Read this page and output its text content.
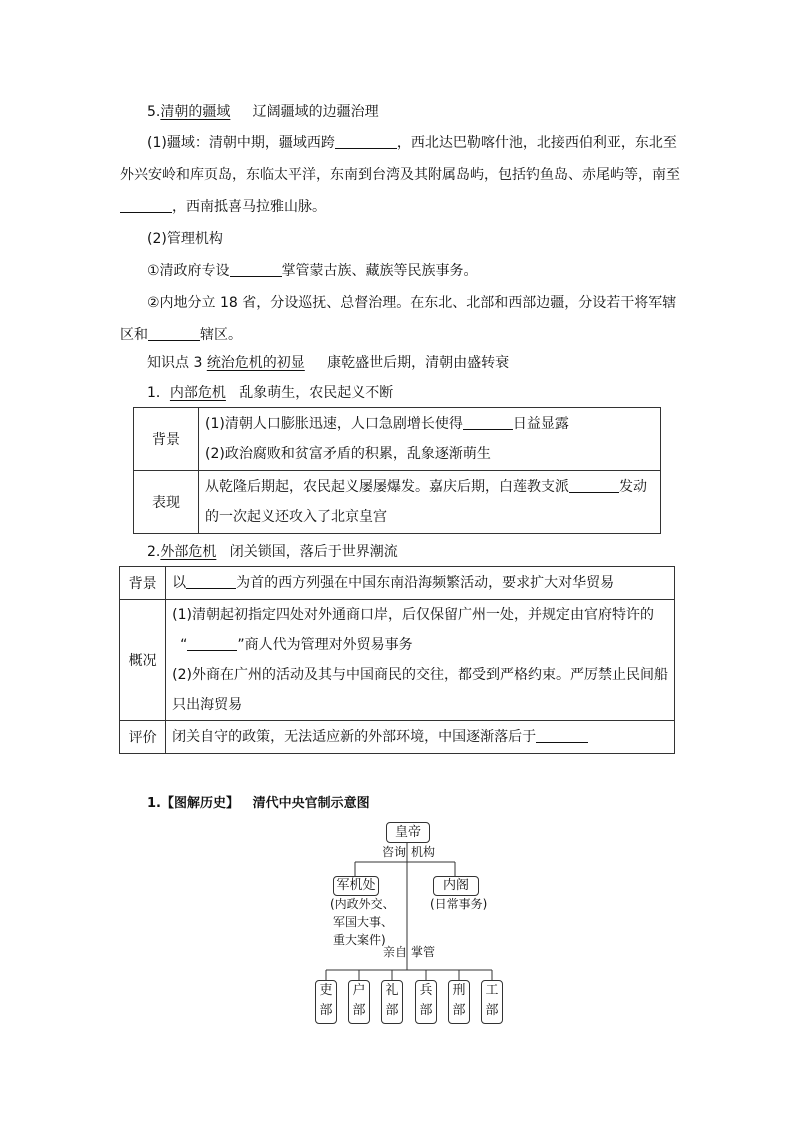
5.清朝的疆域 辽阔疆域的边疆治理
(1)疆域：清朝中期，疆域西跨	，西北达巴勒喀什池，北接西伯利亚，东北至
外兴安岭和库页岛，东临太平洋，东南到台湾及其附属岛屿，包括钓鱼岛、赤尾屿等，南至
，西南抵喜马拉雅山脉。
(2)管理机构
①清政府专设	掌管蒙古族、藏族等民族事务。
②内地分立 18 省，分设巡抚、总督治理。在东北、北部和西部边疆，分设若干将军辖
区和	辖区。
知识点 3 统治危机的初显 康乾盛世后期，清朝由盛转衰
1．内部危机 乱象萌生，农民起义不断
背景	(1)清朝人口膨胀迅速，人口急剧增长使得 日益显露
(2)政治腐败和贫富矛盾的积累，乱象逐渐萌生

表现	从乾隆后期起，农民起义屡屡爆发。嘉庆后期，白莲教支派 发动
的一次起义还攻入了北京皇宫
2.外部危机 闭关锁国，落后于世界潮流
背景	以 为首的西方列强在中国东南沿海频繁活动，要求扩大对华贸易

概况	(1)清朝起初指定四处对外通商口岸，后仅保留广州一处，并规定由官府特许的
“ ”商人代为管理对外贸易事务
(2)外商在广州的活动及其与中国商民的交往，都受到严格约束。严厉禁止民间船
只出海贸易

评价	闭关自守的政策，无法适应新的外部环境，中国逐渐落后于
1.【图解历史】 清代中央官制示意图
皇帝
咨询 机构
军机处
(内政外交、
军国大事、
重大案件)
内阁
(日常事务)
亲自 掌管
吏
部
户
部
礼
部
兵
部
刑
部
工
部
